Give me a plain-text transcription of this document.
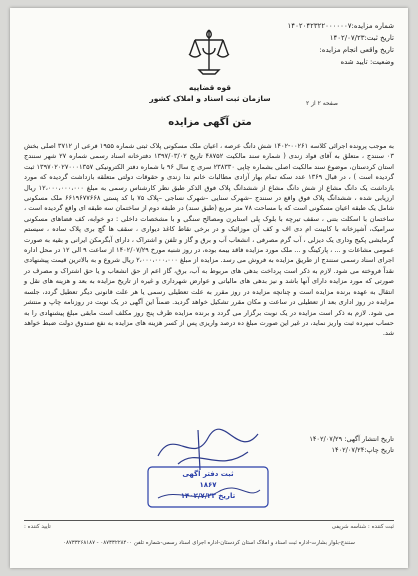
شماره مزایده:۱۴۰۲۰۴۲۳۲۲۰۰۰۰۰۰۷
تاریخ ثبت:۱۴۰۲/۰۷/۲۳
تاریخ واقعی انجام مزایده:
وضعیت: تایید شده
قوه قضاییه
سازمان ثبت اسناد و املاک کشور
صفحه ۲ از ۲
متن آگهی مزایده

به موجب پرونده اجرائی کلاسه ۰۰۲۶۱-۱۴۰۲ شش دانگ عرصه ، اعیان ملک مسکونی پلاک ثبتی شماره ۱۹۵۵ فرعی از ۳۷۱۲ اصلی بخش ۰۳ سنندج ، متعلق به آقای فواد زندی ( شماره سند مالکیت ۴۸۷۵۲ تاریخ ۱۳۹۷/۰۳/۰۲ دفترخانه اسناد رسمی شماره ۲۷ شهر سنندج استان کردستان، موضوع سند مالکیت اصلی بشماره چاپی ۲۳۸۳۳۰ سری ج سال ۹۶ با شماره دفتر الکترونیکی ۱۳۹۷۰۲۰۲۷۰۰۰۱۳۵۷ ثبت گردیده است ) ، در قبال ۱۳۶۹ عدد سکه تمام بهار آزادی مطالبات خانم ندا زندی و حقوقات دولتی متعلقه بازداشت گردیده که مورد بازداشت یک دانگ مشاع از شش دانگ مشاع از ششدانگ پلاک فوق الذکر طبق نظر کارشناس رسمی به مبلغ ۱۲،۰۰۰،۰۰۰،۰۰۰ ریال ارزیابی شده ، ششدانگ پلاک فوق واقع در سنندج –شهرک سنایی –شهرک نساجی –پلاک ۷۵ با کد پستی ۶۶۱۹۶۷۷۶۶۸ ملک مسکونی شامل یک طبقه اعیان مسکونی است که با مساحت ۷۸ متر مربع (طبق سند) در طبقه دوم از ساختمان سه طبقه ای واقع گردیده است ، ساختمان با اسکلت بتنی ، سقف تیرچه با بلوک پلی استایرن ومصالح سنگی و با مشخصات داخلی : دو خوابه، کف فضاهای مسکونی سرامیک، آشپزخانه با کابینت ام دی اف و کف آن موزائیک و در برخی نقاط کاغذ دیواری ، سقف ها گچ بری پلاک ساده ، سیستم گرمایشی پکیج وداری یک دیزلی ، آب گرم مصرفی ، انشعاب آب و برق و گاز و تلفن و اشتراک ، دارای آبگرمکن ایرانی و بقیه به صورت عمومی مشاعات و ... ، پارکینگ و ... ملک مورد مزایده فاقد بیمه بوده، در روز شنبه مورخ ۱۴۰۲/۰۷/۲۹ از ساعت ۹ الی ۱۲ در محل اداره اجرای اسناد رسمی سنندج از طریق مزایده به فروش می رسد. مزایده از مبلغ ۲،۰۰۰،۰۰۰،۰۰۰ ریال شروع و به بالاترین قیمت پیشنهادی نقداً فروخته می شود. لازم به ذکر است پرداخت بدهی های مربوط به آب، برق، گاز اعم از حق انشعاب و یا حق اشتراک و مصرف در صورتی که مورد مزایده دارای آنها باشد و نیز بدهی های مالیاتی و عوارض شهرداری و غیره از تاریخ مزایده به بعد و هزینه های نقل و انتقال به عهده برنده مزایده است و چنانچه مزایده در روز مقرر به علت تعطیلی رسمی یا هر علت قانونی دیگر تعطیل گردد، جلسه مزایده در روز اداری بعد از تعطیلی در ساعت و مکان مقرر تشکیل خواهد گردید. ضمناً این آگهی در یک نوبت در روزنامه چاپ و منتشر می شود. لازم به ذکر است مزایده در یک نوبت برگزار می گردد و برنده مزایده ظرف پنج روز مکلف است مابقی مبلغ پیشنهادی را به حساب سپرده ثبت واریز نماید، در غیر این صورت مبلغ ده درصد واریزی پس از کسر هزینه های مزایده به نفع صندوق دولت ضبط خواهد شد.

تاریخ انتشار آگهی: ۱۴۰۲/۰۷/۲۹
تاریخ چاپ:۱۴۰۲/۰۷/۲۴
ثبت دفتر اگهی
۱۸۶۷
تاریخ ۱۴۰۲/۷/۲۳
ثبت کننده : شناسه شریفی
تایید کننده :
سنندج-بلوار بشارت-اداره ثبت اسناد و املاک استان کردستان-اداره اجرای اسناد رسمی-شماره تلفن ۰۸۷۳۳۲۲۸۴۰۰ - ۰۸۷۳۳۲۶۸۱۸۷
